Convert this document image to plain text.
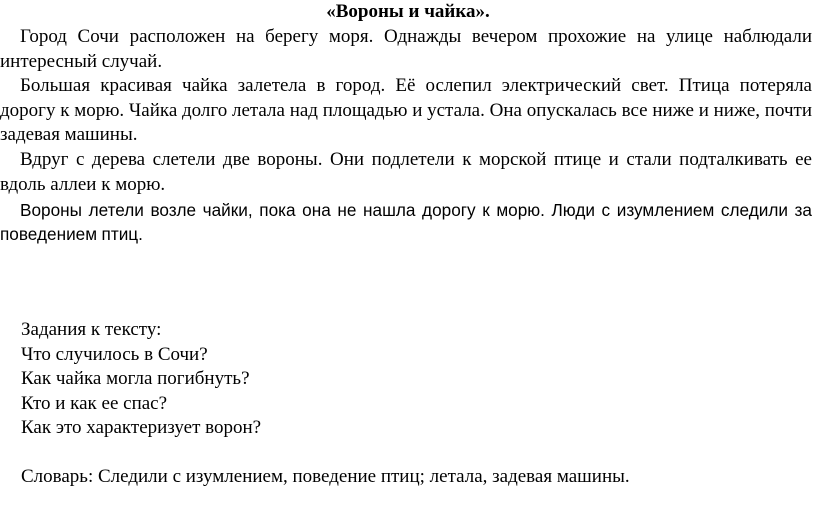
«Вороны и чайка».

Город Сочи расположен на берегу моря. Однажды вечером прохожие на улице наблюдали интересный случай.

Большая красивая чайка залетела в город. Её ослепил электрический свет. Птица потеряла дорогу к морю. Чайка долго летала над площадью и устала. Она опускалась все ниже и ниже, почти задевая машины.

Вдруг с дерева слетели две вороны. Они подлетели к морской птице и стали подталкивать ее вдоль аллеи к морю.

Вороны летели возле чайки, пока она не нашла дорогу к морю. Люди с изумлением следили за поведением птиц.

Задания к тексту:
Что случилось в Сочи?
Как чайка могла погибнуть?
Кто и как ее спас?
Как это характеризует ворон?
Словарь: Следили с изумлением, поведение птиц; летала, задевая машины.
